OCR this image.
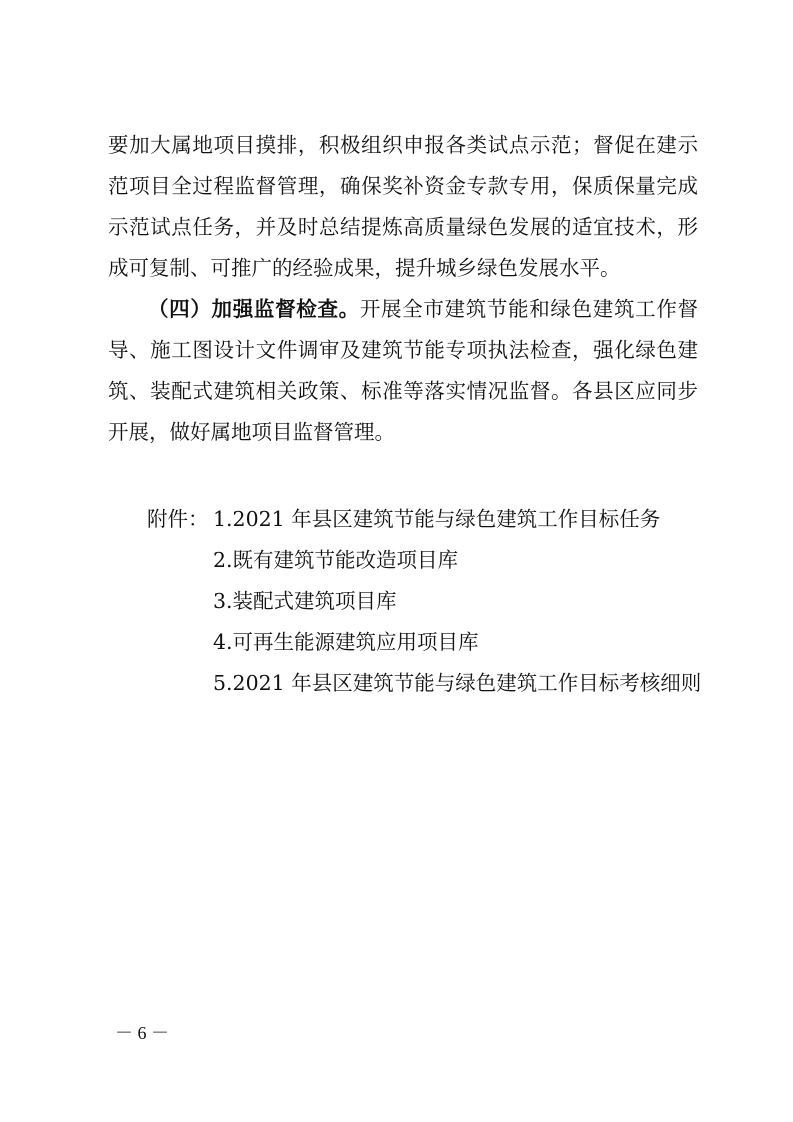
要加大属地项目摸排，积极组织申报各类试点示范；督促在建示
范项目全过程监督管理，确保奖补资金专款专用，保质保量完成
示范试点任务，并及时总结提炼高质量绿色发展的适宜技术，形
成可复制、可推广的经验成果，提升城乡绿色发展水平。
（四）加强监督检查。开展全市建筑节能和绿色建筑工作督
导、施工图设计文件调审及建筑节能专项执法检查，强化绿色建
筑、装配式建筑相关政策、标准等落实情况监督。各县区应同步
开展，做好属地项目监督管理。
附件： 1.2021 年县区建筑节能与绿色建筑工作目标任务
2.既有建筑节能改造项目库
3.装配式建筑项目库
4.可再生能源建筑应用项目库
5.2021 年县区建筑节能与绿色建筑工作目标考核细则
－ 6 －
